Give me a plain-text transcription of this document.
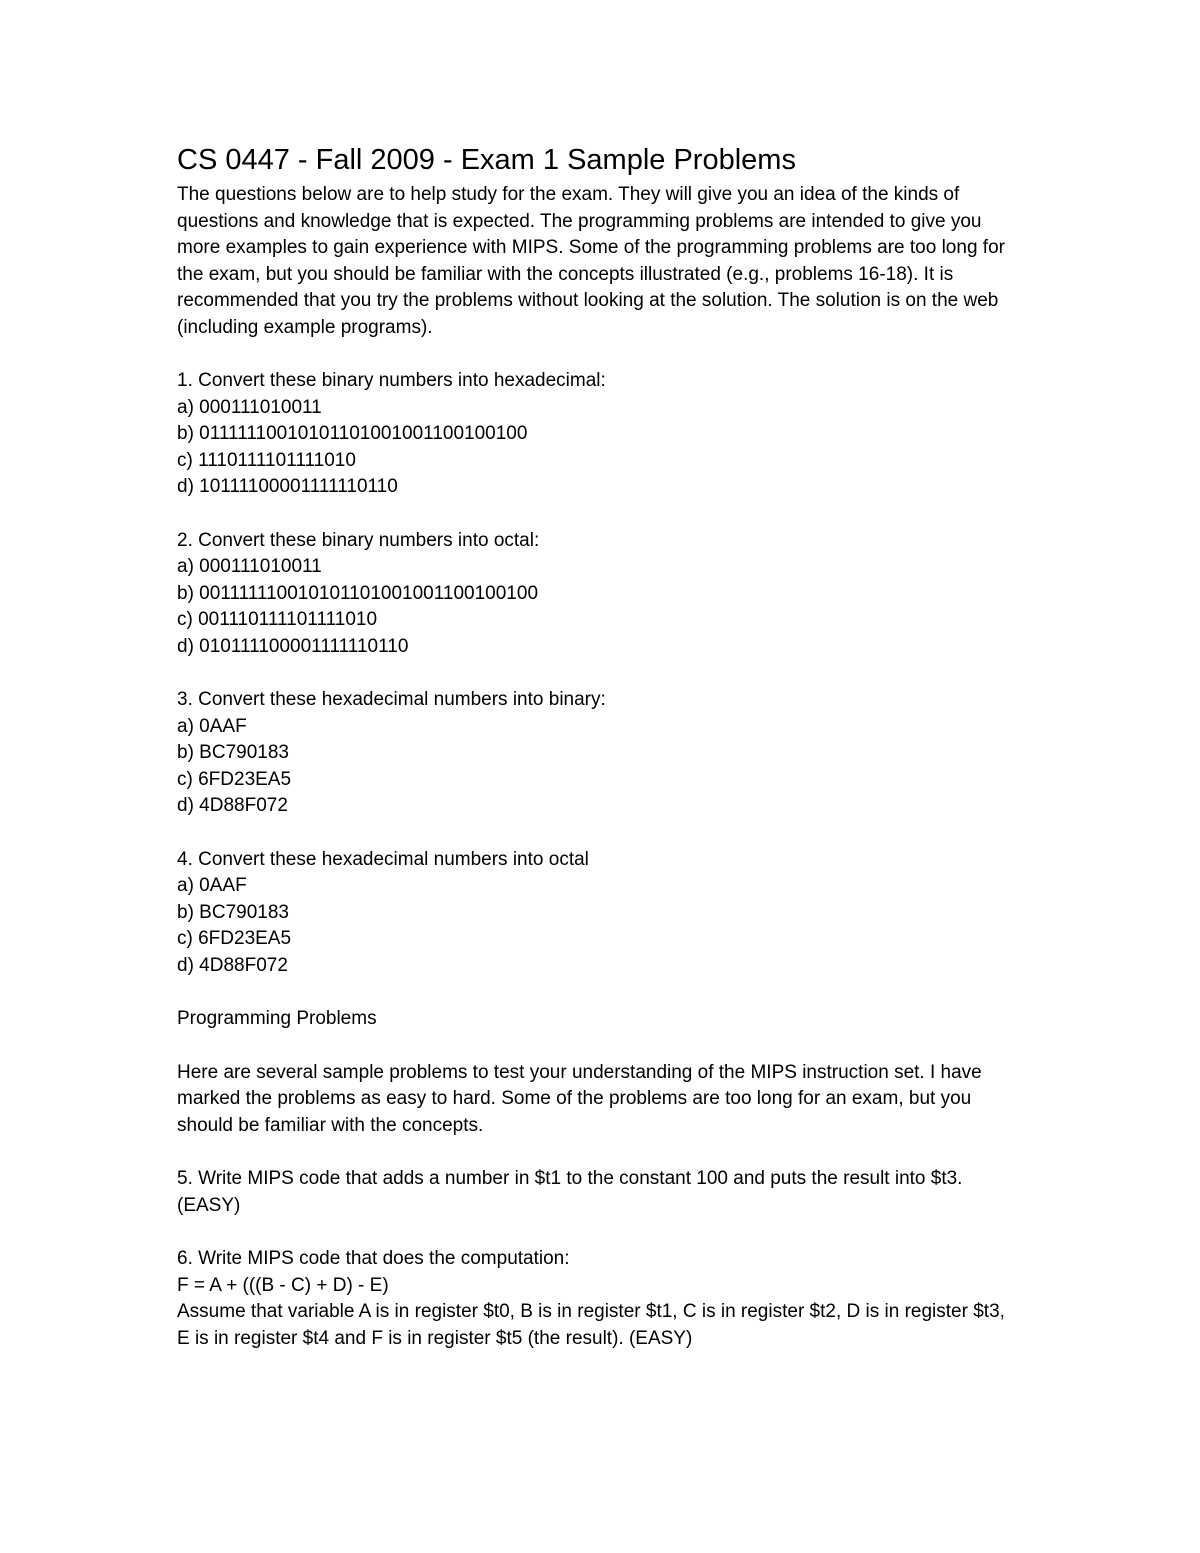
CS 0447 - Fall 2009 - Exam 1 Sample Problems

The questions below are to help study for the exam. They will give you an idea of the kinds of questions and knowledge that is expected. The programming problems are intended to give you more examples to gain experience with MIPS. Some of the programming problems are too long for the exam, but you should be familiar with the concepts illustrated (e.g., problems 16-18). It is recommended that you try the problems without looking at the solution. The solution is on the web (including example programs).

1. Convert these binary numbers into hexadecimal:

a) 000111010011

b) 01111110010101101001001100100100

c) 1110111101111010

d) 10111100001111110110

2. Convert these binary numbers into octal:

a) 000111010011

b) 001111110010101101001001100100100

c) 001110111101111010

d) 010111100001111110110

3. Convert these hexadecimal numbers into binary:

a) 0AAF

b) BC790183

c) 6FD23EA5

d) 4D88F072

4. Convert these hexadecimal numbers into octal

a) 0AAF

b) BC790183

c) 6FD23EA5

d) 4D88F072

Programming Problems

Here are several sample problems to test your understanding of the MIPS instruction set. I have marked the problems as easy to hard. Some of the problems are too long for an exam, but you should be familiar with the concepts.

5. Write MIPS code that adds a number in $t1 to the constant 100 and puts the result into $t3.

(EASY)

6. Write MIPS code that does the computation:

F = A + (((B - C) + D) - E)

Assume that variable A is in register $t0, B is in register $t1, C is in register $t2, D is in register $t3, E is in register $t4 and F is in register $t5 (the result). (EASY)
